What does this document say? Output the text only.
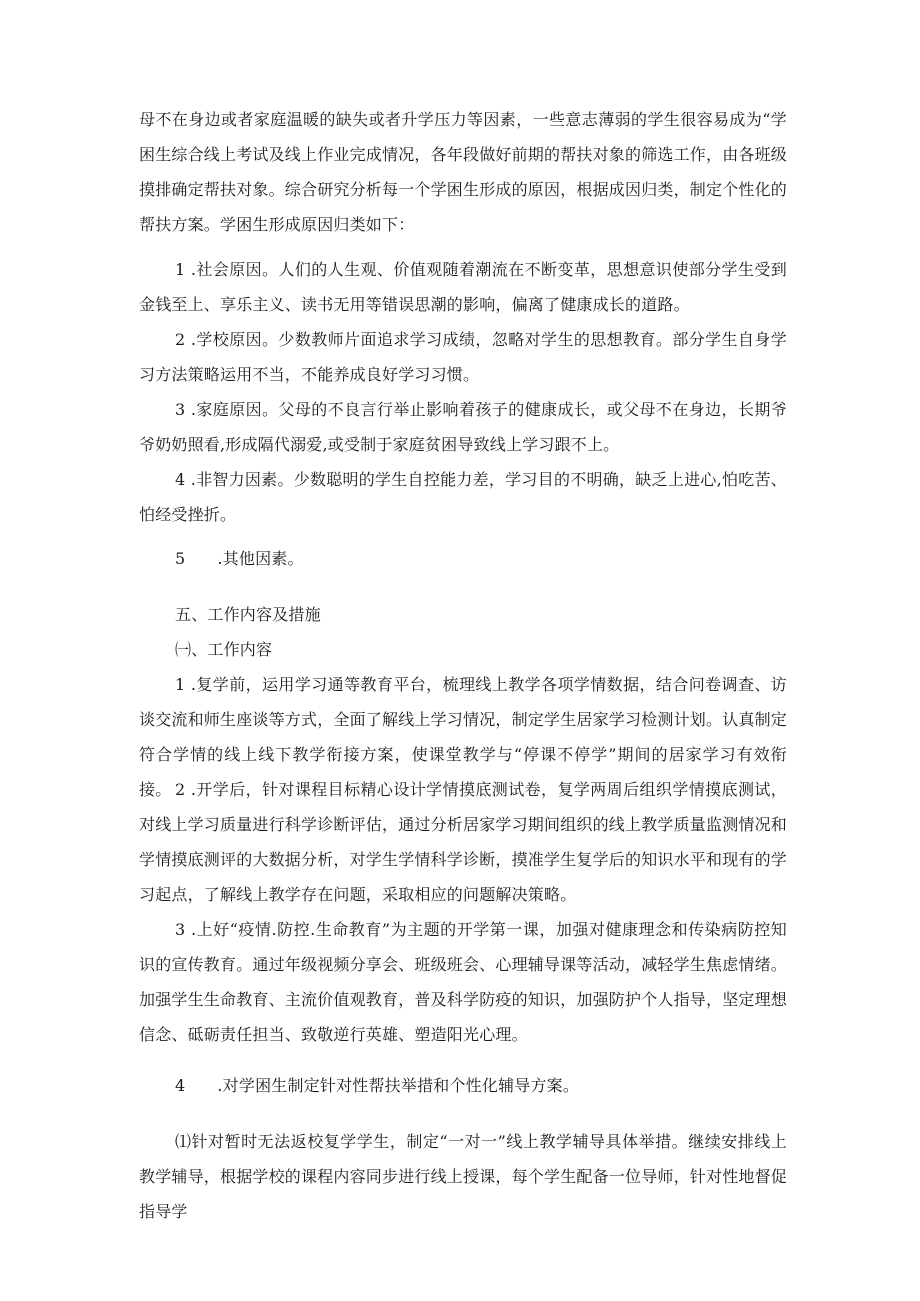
母不在身边或者家庭温暖的缺失或者升学压力等因素，一些意志薄弱的学生很容易成为“学困生综合线上考试及线上作业完成情况，各年段做好前期的帮扶对象的筛选工作，由各班级摸排确定帮扶对象。综合研究分析每一个学困生形成的原因，根据成因归类，制定个性化的帮扶方案。学困生形成原因归类如下：

1 .社会原因。人们的人生观、价值观随着潮流在不断变革，思想意识使部分学生受到金钱至上、享乐主义、读书无用等错误思潮的影响，偏离了健康成长的道路。

2 .学校原因。少数教师片面追求学习成绩，忽略对学生的思想教育。部分学生自身学习方法策略运用不当，不能养成良好学习习惯。

3 .家庭原因。父母的不良言行举止影响着孩子的健康成长，或父母不在身边，长期爷爷奶奶照看,形成隔代溺爱,或受制于家庭贫困导致线上学习跟不上。

4 .非智力因素。少数聪明的学生自控能力差，学习目的不明确，缺乏上进心,怕吃苦、怕经受挫折。

5 .其他因素。

五、工作内容及措施

㈠、工作内容

1 .复学前，运用学习通等教育平台，梳理线上教学各项学情数据，结合问卷调查、访谈交流和师生座谈等方式，全面了解线上学习情况，制定学生居家学习检测计划。认真制定符合学情的线上线下教学衔接方案，使课堂教学与“停课不停学”期间的居家学习有效衔接。 2 .开学后，针对课程目标精心设计学情摸底测试卷，复学两周后组织学情摸底测试，对线上学习质量进行科学诊断评估，通过分析居家学习期间组织的线上教学质量监测情况和学情摸底测评的大数据分析，对学生学情科学诊断，摸准学生复学后的知识水平和现有的学习起点，了解线上教学存在问题，采取相应的问题解决策略。

3 .上好“疫情.防控.生命教育”为主题的开学第一课，加强对健康理念和传染病防控知识的宣传教育。通过年级视频分享会、班级班会、心理辅导课等活动，减轻学生焦虑情绪。加强学生生命教育、主流价值观教育，普及科学防疫的知识，加强防护个人指导，坚定理想信念、砥砺责任担当、致敬逆行英雄、塑造阳光心理。

4 .对学困生制定针对性帮扶举措和个性化辅导方案。

⑴针对暂时无法返校复学学生，制定“一对一”线上教学辅导具体举措。继续安排线上教学辅导，根据学校的课程内容同步进行线上授课，每个学生配备一位导师，针对性地督促指导学
